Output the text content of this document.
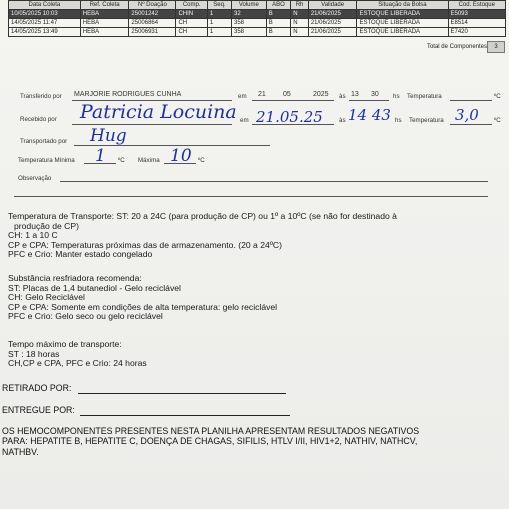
Data Coleta	Ref. Coleta	Nº Doação	Comp.	Seq.	Volume	ABO	Rh	Validade	Situação da Bolsa	Cod. Estoque
10/05/2025 10:03	HEBA	25001242	CHIN	1	32	B	N	21/06/2025	ESTOQUE LIBERADA	E5093
14/05/2025 11:47	HEBA	25006864	CH	1	358	B	N	21/06/2025	ESTOQUE LIBERADA	E8514
14/05/2025 13:49	HEBA	25006931	CH	1	358	B	N	21/06/2025	ESTOQUE LIBERADA	E7420
Total de Componentes	3
Transferido por MARJORIE RODRIGUES CUNHA	em 21 05	2025 às 13 30 hs Temperatura	ºC
Recebido por Patricia Locuina em 21.05.25	às 14 43 hs Temperatura 3,0 ºC
Transportado por Hug
Temperatura Mínima 1 ºC Máxima 10 ºC
Observação

Temperatura de Transporte: ST: 20 a 24C (para produção de CP) ou 1º a 10ºC (se não for destinado à

produção de CP)

CH: 1 a 10 C

CP e CPA: Temperaturas próximas das de armazenamento. (20 a 24ºC)

PFC e Crio: Manter estado congelado

Substância resfriadora recomenda:

ST: Placas de 1,4 butanediol - Gelo reciclável

CH: Gelo Reciclável

CP e CPA: Somente em condições de alta temperatura: gelo reciclável

PFC e Crio: Gelo seco ou gelo reciclável

Tempo máximo de transporte:

ST : 18 horas

CH,CP e CPA, PFC e Crio: 24 horas

RETIRADO POR:
ENTREGUE POR:
OS HEMOCOMPONENTES PRESENTES NESTA PLANILHA APRESENTAM RESULTADOS NEGATIVOS
PARA: HEPATITE B, HEPATITE C, DOENÇA DE CHAGAS, SIFILIS, HTLV I/II, HIV1+2, NATHIV, NATHCV,
NATHBV.
